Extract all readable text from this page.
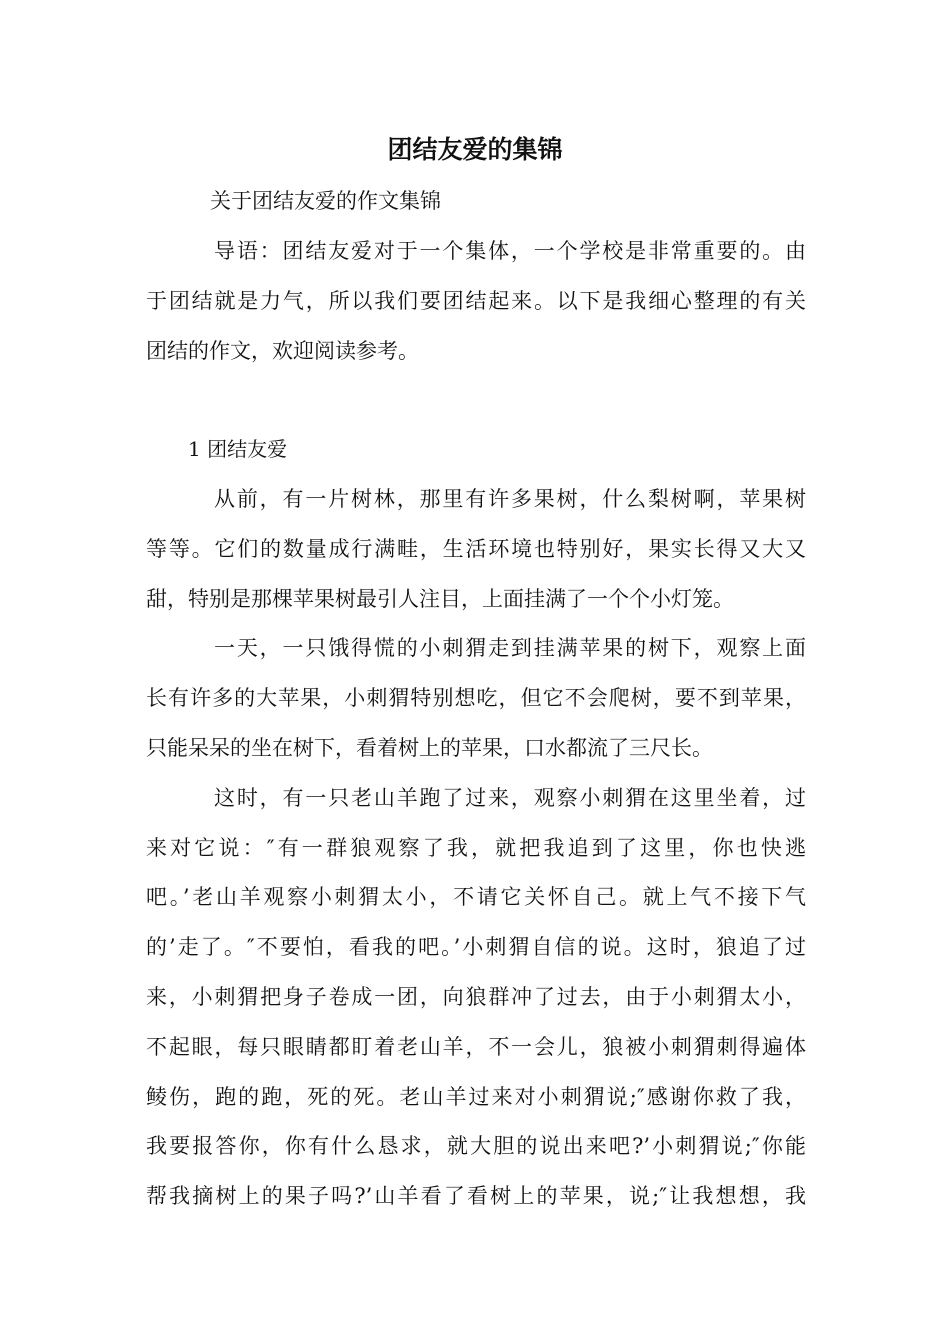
团结友爱的集锦
关于团结友爱的作文集锦
导语：团结友爱对于一个集体，一个学校是非常重要的。由
于团结就是力气，所以我们要团结起来。以下是我细心整理的有关
团结的作文，欢迎阅读参考。
1 团结友爱
从前，有一片树林，那里有许多果树，什么梨树啊，苹果树
等等。它们的数量成行满畦，生活环境也特别好，果实长得又大又
甜，特别是那棵苹果树最引人注目，上面挂满了一个个小灯笼。
一天，一只饿得慌的小刺猬走到挂满苹果的树下，观察上面
长有许多的大苹果，小刺猬特别想吃，但它不会爬树，要不到苹果，
只能呆呆的坐在树下，看着树上的苹果，口水都流了三尺长。
这时，有一只老山羊跑了过来，观察小刺猬在这里坐着，过
来对它说：″有一群狼观察了我，就把我追到了这里，你也快逃
吧。’老山羊观察小刺猬太小，不请它关怀自己。就上气不接下气
的’走了。″不要怕，看我的吧。’小刺猬自信的说。这时，狼追了过
来，小刺猬把身子卷成一团，向狼群冲了过去，由于小刺猬太小，
不起眼，每只眼睛都盯着老山羊，不一会儿，狼被小刺猬刺得遍体
鲮伤，跑的跑，死的死。老山羊过来对小刺猬说;″感谢你救了我，
我要报答你，你有什么恳求，就大胆的说出来吧?’小刺猬说;″你能
帮我摘树上的果子吗?’山羊看了看树上的苹果，说;″让我想想，我
